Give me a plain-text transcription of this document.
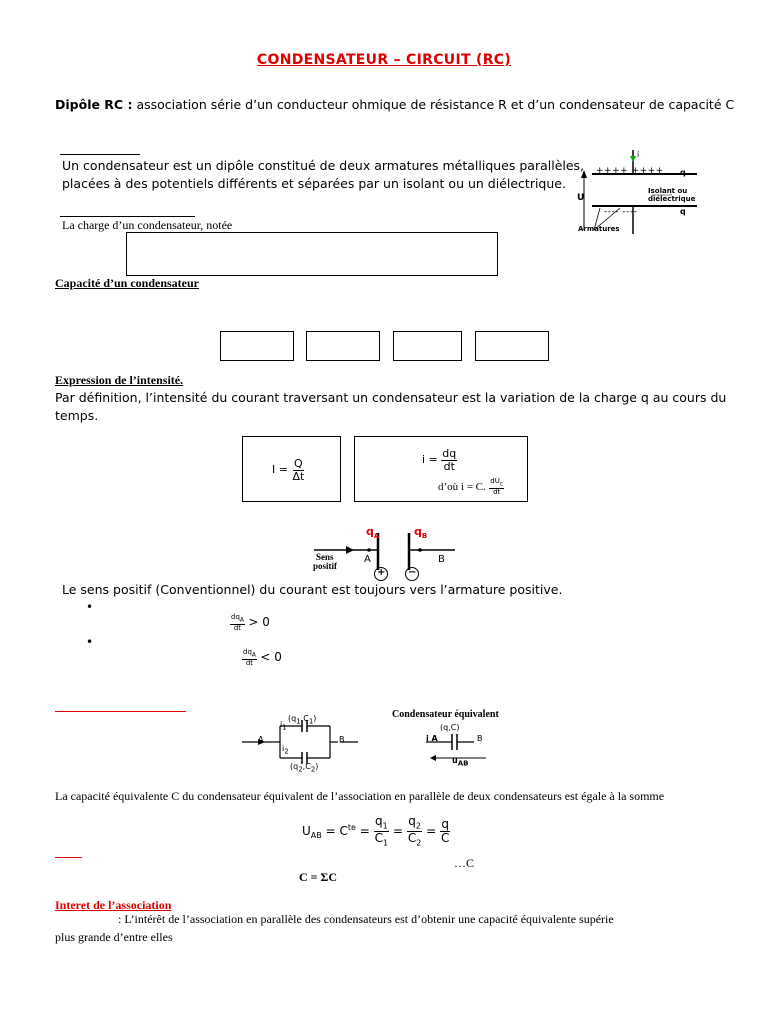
CONDENSATEUR – CIRCUIT (RC)
Dipôle RC : association série d’un conducteur ohmique de résistance R et d’un condensateur de capacité C
Un condensateur est un dipôle constitué de deux armatures métalliques parallèles,
placées à des potentiels différents et séparées par un isolant ou un diélectrique.
i
++++ ++++ q
Isolant ou
diélectrique
U
---- ----	q
Armatures
La charge d’un condensateur, notée
Capacité d’un condensateur
Expression de l’intensité.
Par définition, l’intensité du courant traversant un condensateur est la variation de la charge q au cours du
temps.
$I = \frac{Q}{\Delta t}$	$i = \frac{dq}{dt}$
d’où i = C. $\frac{dU_c}{dt}$
$q_A$	$q_B$
Sens
positif
A	B
+ −
Le sens positif (Conventionnel) du courant est toujours vers l’armature positive.
•
$\frac{dq_A}{dt} > 0$
•
$\frac{dq_A}{dt} < 0$
$i_1$
$(q_1,C_1)$
$i_2$
$(q_2,C_2)$
A	B
Condensateur équivalent
(q,C)
i A	B
$u_{AB}$
La capacité équivalente C du condensateur équivalent de l’association en parallèle de deux condensateurs est égale à la somme
$U_{AB} = C^{te} = \frac{q_1}{C_1} = \frac{q_2}{C_2} = \frac{q}{C}$
…C
C = ΣC
Interet de l’association
: L’intérêt de l’association en parallèle des condensateurs est d’obtenir une capacité équivalente supérie
plus grande d’entre elles
